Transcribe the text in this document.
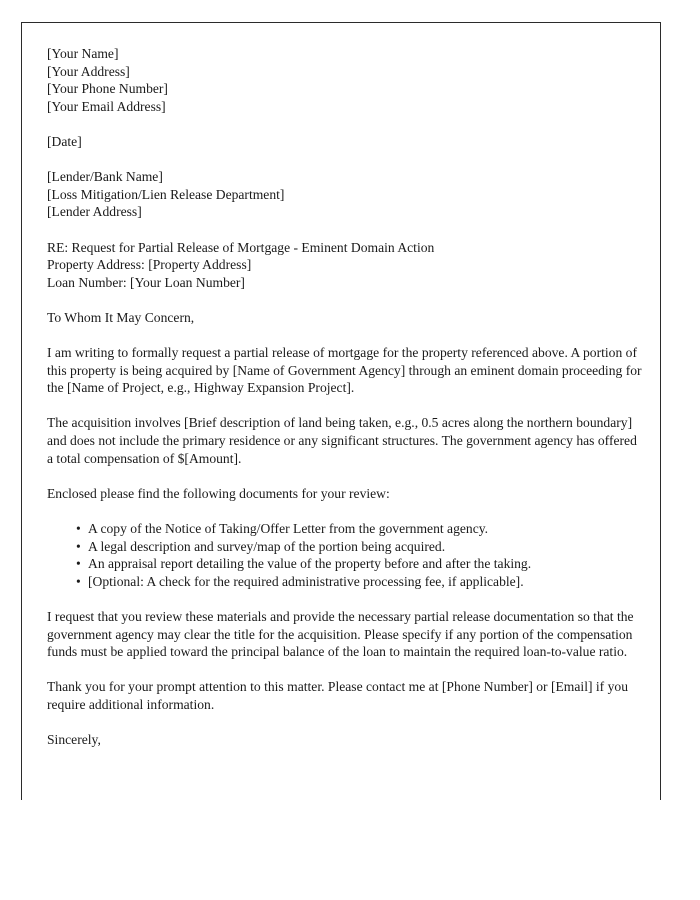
[Your Name]
[Your Address]
[Your Phone Number]
[Your Email Address]
[Date]
[Lender/Bank Name]
[Loss Mitigation/Lien Release Department]
[Lender Address]
RE: Request for Partial Release of Mortgage - Eminent Domain Action
Property Address: [Property Address]
Loan Number: [Your Loan Number]
To Whom It May Concern,

I am writing to formally request a partial release of mortgage for the property referenced above. A portion of this property is being acquired by [Name of Government Agency] through an eminent domain proceeding for the [Name of Project, e.g., Highway Expansion Project].

The acquisition involves [Brief description of land being taken, e.g., 0.5 acres along the northern boundary] and does not include the primary residence or any significant structures. The government agency has offered a total compensation of $[Amount].

Enclosed please find the following documents for your review:

• A copy of the Notice of Taking/Offer Letter from the government agency.
• A legal description and survey/map of the portion being acquired.
• An appraisal report detailing the value of the property before and after the taking.
• [Optional: A check for the required administrative processing fee, if applicable].

I request that you review these materials and provide the necessary partial release documentation so that the government agency may clear the title for the acquisition. Please specify if any portion of the compensation funds must be applied toward the principal balance of the loan to maintain the required loan-to-value ratio.

Thank you for your prompt attention to this matter. Please contact me at [Phone Number] or [Email] if you require additional information.

Sincerely,
